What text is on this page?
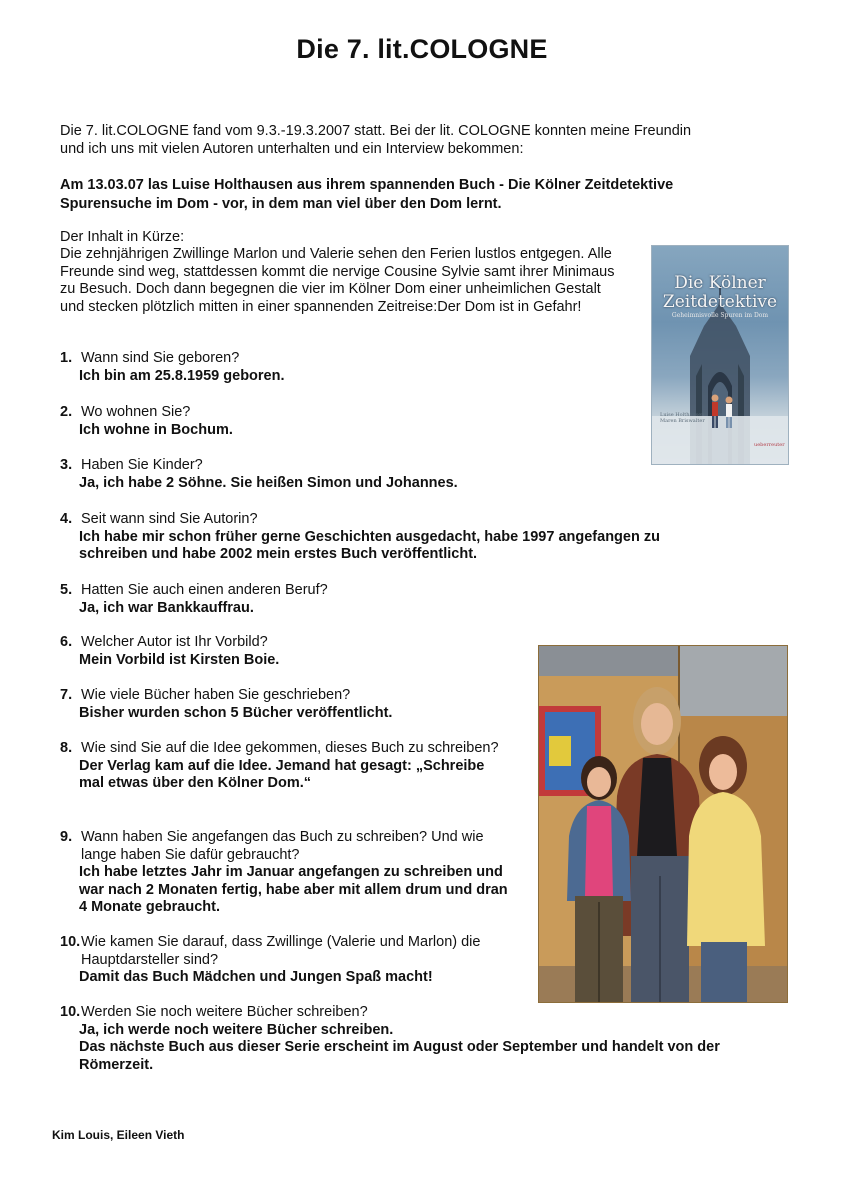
Die 7. lit.COLOGNE
Die 7. lit.COLOGNE fand vom 9.3.-19.3.2007 statt. Bei der lit. COLOGNE konnten meine Freundin und ich uns mit vielen Autoren unterhalten und ein Interview bekommen:
Am 13.03.07 las Luise Holthausen aus ihrem spannenden Buch - Die Kölner Zeitdetektive Spurensuche im Dom - vor, in dem man viel über den Dom lernt.
Der Inhalt in Kürze:
Die zehnjährigen Zwillinge Marlon und Valerie sehen den Ferien lustlos entgegen. Alle Freunde sind weg, stattdessen kommt die nervige Cousine Sylvie samt ihrer Minimaus zu Besuch. Doch dann begegnen die vier im Kölner Dom einer unheimlichen Gestalt und stecken plötzlich mitten in einer spannenden Zeitreise:Der Dom ist in Gefahr!
Die Kölner
Zeitdetektive
Geheimnisvolle Spuren im Dom
Luise Holthausen
Maren Briswalter
ueberreuter
1. Wann sind Sie geboren?
Ich bin am 25.8.1959 geboren.
2. Wo wohnen Sie?
Ich wohne in Bochum.
3. Haben Sie Kinder?
Ja, ich habe 2 Söhne. Sie heißen Simon und Johannes.
4. Seit wann sind Sie Autorin?
Ich habe mir schon früher gerne Geschichten ausgedacht, habe 1997 angefangen zu schreiben und habe 2002 mein erstes Buch veröffentlicht.
5. Hatten Sie auch einen anderen Beruf?
Ja, ich war Bankkauffrau.
6. Welcher Autor ist Ihr Vorbild?
Mein Vorbild ist Kirsten Boie.
7. Wie viele Bücher haben Sie geschrieben?
Bisher wurden schon 5 Bücher veröffentlicht.
8. Wie sind Sie auf die Idee gekommen, dieses Buch zu schreiben?
Der Verlag kam auf die Idee. Jemand hat gesagt: „Schreibe mal etwas über den Kölner Dom.“
9. Wann haben Sie angefangen das Buch zu schreiben? Und wie lange haben Sie dafür gebraucht?
Ich habe letztes Jahr im Januar angefangen zu schreiben und war nach 2 Monaten fertig, habe aber mit allem drum und dran 4 Monate gebraucht.
10. Wie kamen Sie darauf, dass Zwillinge (Valerie und Marlon) die Hauptdarsteller sind?
Damit das Buch Mädchen und Jungen Spaß macht!
10. Werden Sie noch weitere Bücher schreiben?
Ja, ich werde noch weitere Bücher schreiben.
Das nächste Buch aus dieser Serie erscheint im August oder September und handelt von der Römerzeit.
Kim Louis, Eileen Vieth
